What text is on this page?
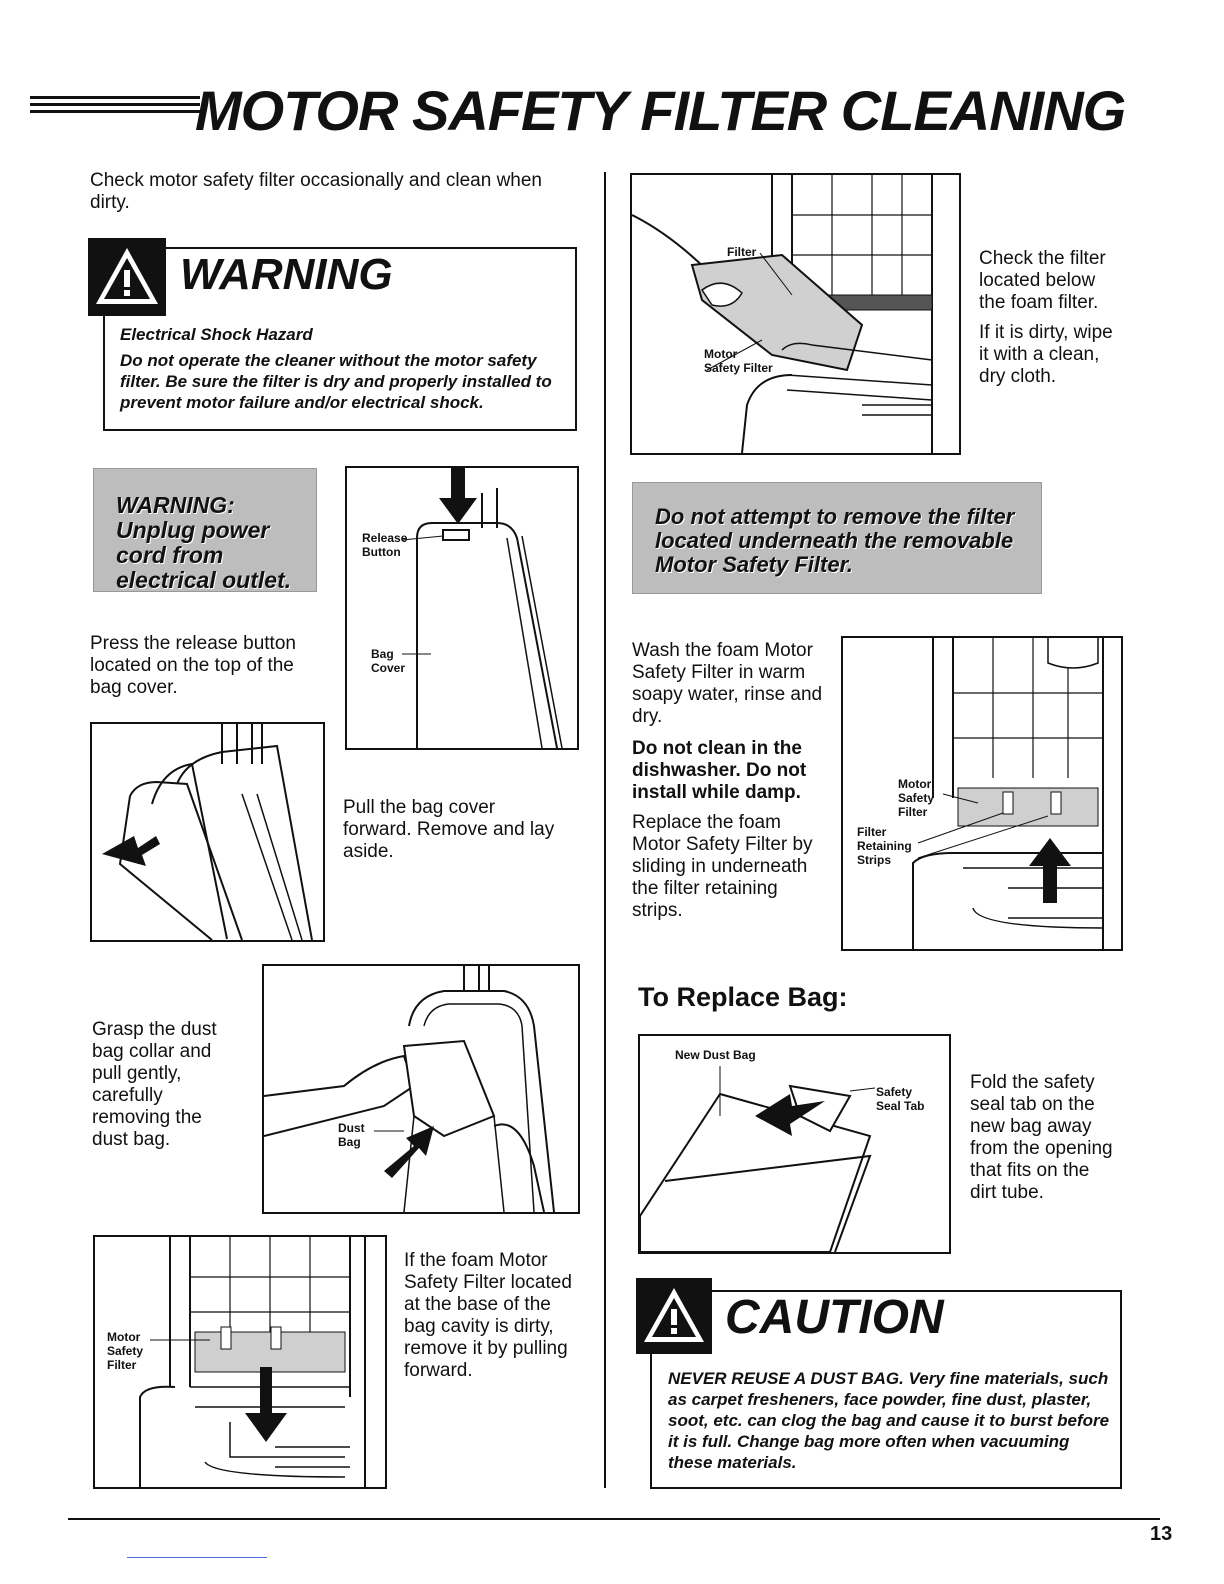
MOTOR SAFETY FILTER CLEANING
Check motor safety filter occasionally and clean when dirty.
WARNING
Electrical Shock Hazard
Do not operate the cleaner without the motor safety filter. Be sure the filter is dry and properly installed to prevent motor failure and/or electrical shock.
WARNING: Unplug power cord from electrical outlet.
Press the release button located on the top of the bag cover.
Release Button
Bag Cover
Pull the bag cover forward. Remove and lay aside.
Grasp the dust bag collar and pull gently, carefully removing the dust bag.
Dust Bag
Motor Safety Filter
If the foam Motor Safety Filter located at the base of the bag cavity is dirty, remove it by pulling forward.
Filter
Motor Safety Filter
Check the filter located below the foam filter.
If it is dirty, wipe it with a clean, dry cloth.
Do not attempt to remove the filter located underneath the removable Motor Safety Filter.
Wash the foam Motor Safety Filter in warm soapy water, rinse and dry.
Do not clean in the dishwasher. Do not install while damp.
Replace the foam Motor Safety Filter by sliding in underneath the filter retaining strips.
Motor Safety Filter
Filter Retaining Strips
To Replace Bag:
New Dust Bag
Safety Seal Tab
Fold the safety seal tab on the new bag away from the opening that fits on the dirt tube.
CAUTION
NEVER REUSE A DUST BAG. Very fine materials, such as carpet fresheners, face powder, fine dust, plaster, soot, etc. can clog the bag and cause it to burst before it is full. Change bag more often when vacuuming these materials.
13
